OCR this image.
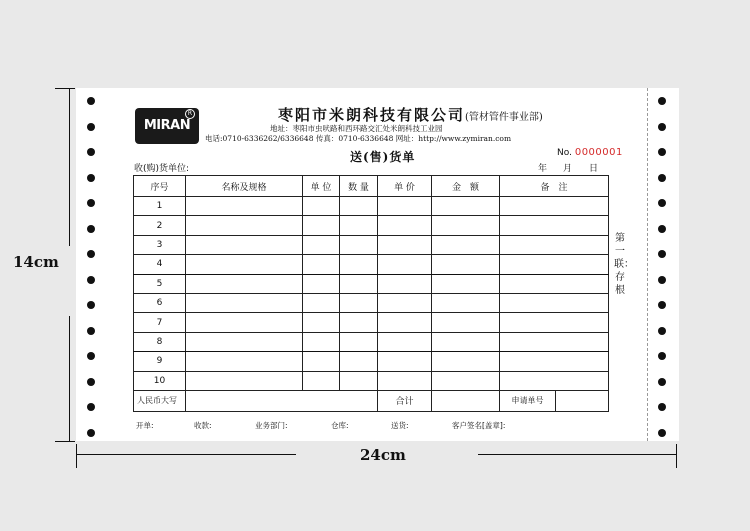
14cm
24cm
MIRAN
R	枣阳市米朗科技有限公司(管材管件事业部)
地址：枣阳市虫吠路和西环路交汇处米朗科技工业园
电话:0710-6336262/6336648 传真：0710-6336648 网址：http://www.zymiran.com
送(售)货单	No. 0000001
收(购)货单位:	年 月 日
序号	名称及规格	单 位	数 量	单 价	金　额	备　注
1						
2						
3						
4						
5						
6						
7						
8						
9						
10						
人民币大写				合计		申请单号
开单:	收款:	业务部门:	仓库:	送货:	客户签名[盖章]:
第一联：存根
